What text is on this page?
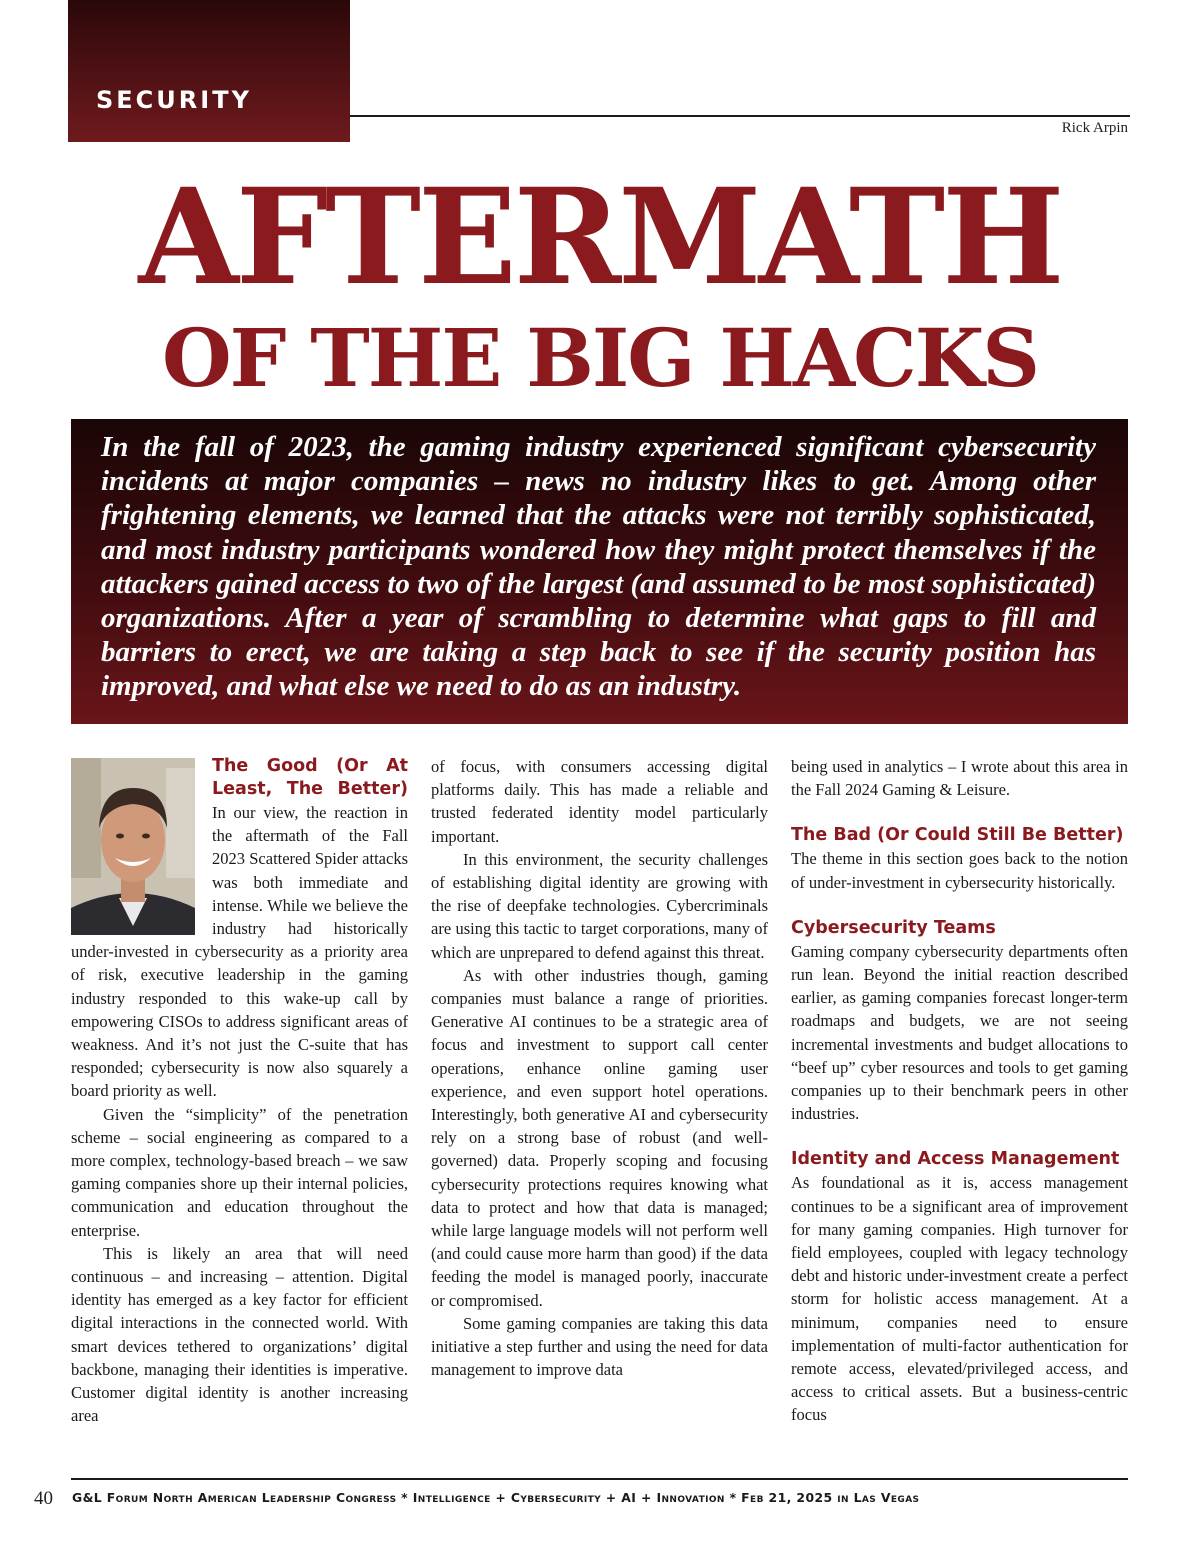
SECURITY
Rick Arpin
AFTERMATH
OF THE BIG HACKS

In the fall of 2023, the gaming industry experienced significant cybersecurity incidents at major companies – news no industry likes to get. Among other frightening elements, we learned that the attacks were not terribly sophisticated, and most industry participants wondered how they might protect themselves if the attackers gained access to two of the largest (and assumed to be most sophisticated) organizations. After a year of scrambling to determine what gaps to fill and barriers to erect, we are taking a step back to see if the security position has improved, and what else we need to do as an industry.

The Good (Or At Least, The Better)

In our view, the reaction in the aftermath of the Fall 2023 Scattered Spider attacks was both immediate and intense. While we believe the industry had historically under-invested in cybersecurity as a priority area of risk, executive leadership in the gaming industry responded to this wake-up call by empowering CISOs to address significant areas of weakness. And it’s not just the C-suite that has responded; cybersecurity is now also squarely a board priority as well.

Given the “simplicity” of the penetration scheme – social engineering as compared to a more complex, technology-based breach – we saw gaming companies shore up their internal policies, communication and education throughout the enterprise.

This is likely an area that will need continuous – and increasing – attention. Digital identity has emerged as a key factor for efficient digital interactions in the connected world. With smart devices tethered to organizations’ digital backbone, managing their identities is imperative. Customer digital identity is another increasing area

of focus, with consumers accessing digital platforms daily. This has made a reliable and trusted federated identity model particularly important.

In this environment, the security challenges of establishing digital identity are growing with the rise of deepfake technologies. Cybercriminals are using this tactic to target corporations, many of which are unprepared to defend against this threat.

As with other industries though, gaming companies must balance a range of priorities. Generative AI continues to be a strategic area of focus and investment to support call center operations, enhance online gaming user experience, and even support hotel operations. Interestingly, both generative AI and cybersecurity rely on a strong base of robust (and well-governed) data. Properly scoping and focusing cybersecurity protections requires knowing what data to protect and how that data is managed; while large language models will not perform well (and could cause more harm than good) if the data feeding the model is managed poorly, inaccurate or compromised.

Some gaming companies are taking this data initiative a step further and using the need for data management to improve data

being used in analytics – I wrote about this area in the Fall 2024 Gaming & Leisure.

The Bad (Or Could Still Be Better)

The theme in this section goes back to the notion of under-investment in cybersecurity historically.

Cybersecurity Teams

Gaming company cybersecurity departments often run lean. Beyond the initial reaction described earlier, as gaming companies forecast longer-term roadmaps and budgets, we are not seeing incremental investments and budget allocations to “beef up” cyber resources and tools to get gaming companies up to their benchmark peers in other industries.

Identity and Access Management

As foundational as it is, access management continues to be a significant area of improvement for many gaming companies. High turnover for field employees, coupled with legacy technology debt and historic under-investment create a perfect storm for holistic access management. At a minimum, companies need to ensure implementation of multi-factor authentication for remote access, elevated/privileged access, and access to critical assets. But a business-centric focus

40 G&L Forum North American Leadership Congress * Intelligence + Cybersecurity + AI + Innovation * Feb 21, 2025 in Las Vegas
